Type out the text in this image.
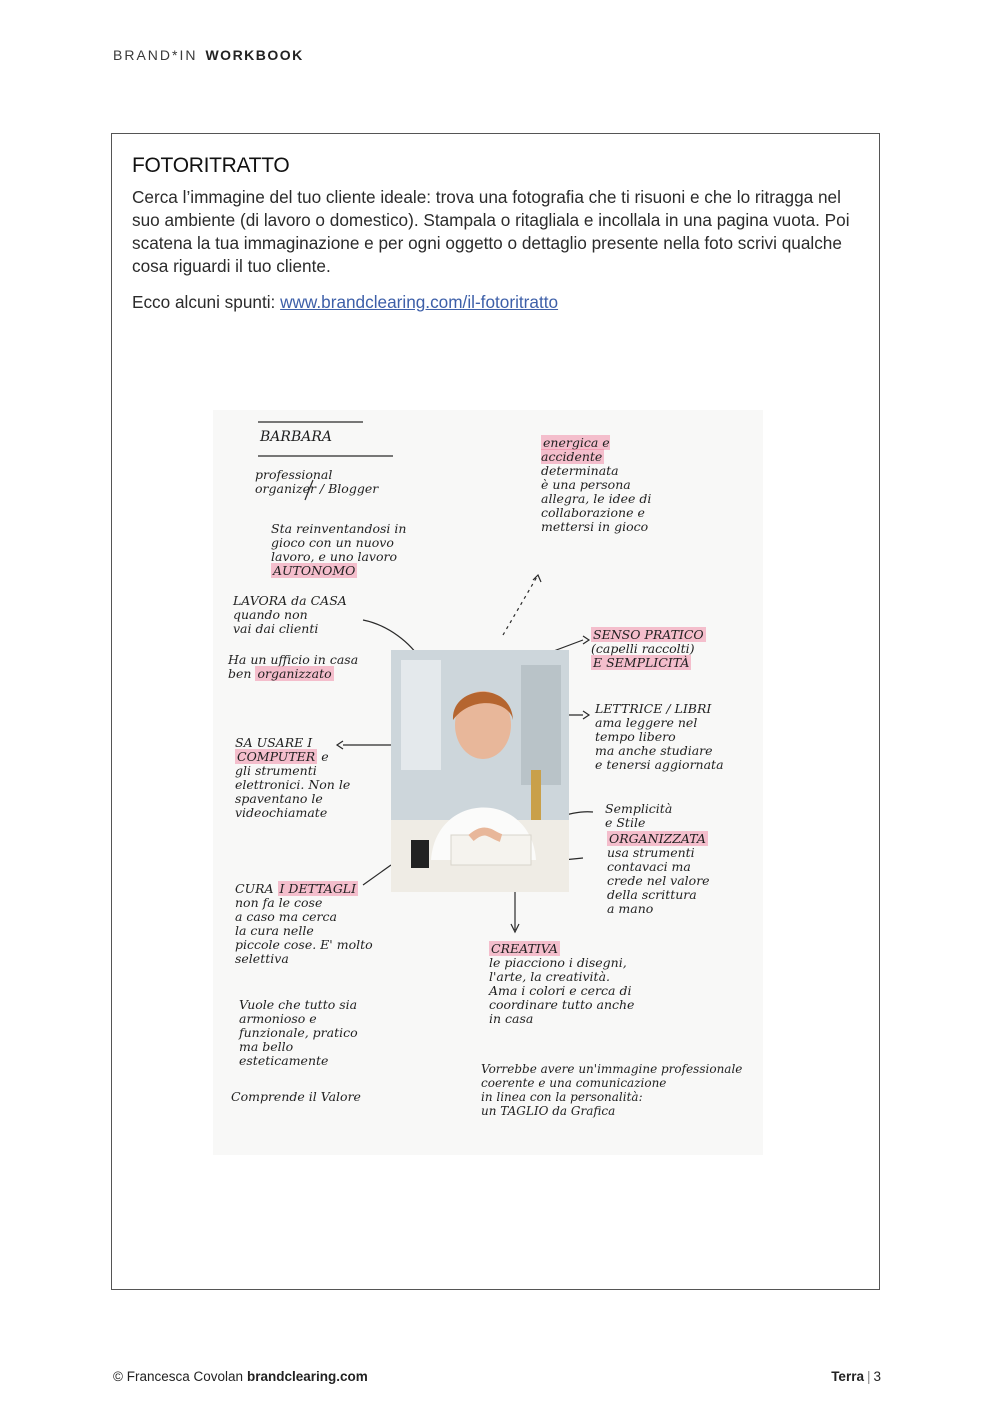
BRAND*IN WORKBOOK
FOTORITRATTO
Cerca l’immagine del tuo cliente ideale: trova una fotografia che ti risuoni e che lo ritragga nel suo ambiente (di lavoro o domestico). Stampala o ritagliala e incollala in una pagina vuota. Poi scatena la tua immaginazione e per ogni oggetto o dettaglio presente nella foto scrivi qualche cosa riguardi il tuo cliente.
Ecco alcuni spunti: www.brandclearing.com/il-fotoritratto
BARBARA
professional
organizer / Blogger
Sta reinventandosi in
gioco con un nuovo
lavoro, e uno lavoro
AUTONOMO
LAVORA da CASA
quando non
vai dai clienti
Ha un ufficio in casa
ben organizzato
SA USARE I
COMPUTER e
gli strumenti
elettronici. Non le
spaventano le
videochiamate
CURA I DETTAGLI
non fa le cose
a caso ma cerca
la cura nelle
piccole cose. E' molto
selettiva
Vuole che tutto sia
armonioso e
funzionale, pratico
ma bello
esteticamente
Comprende il Valore
energica e
accidente
determinata
è una persona
allegra, le idee di
collaborazione e
mettersi in gioco
SENSO PRATICO
(capelli raccolti)
E SEMPLICITÀ
LETTRICE / LIBRI
ama leggere nel
tempo libero
ma anche studiare
e tenersi aggiornata
Semplicità
e Stile
ORGANIZZATA
usa strumenti
contavaci ma
crede nel valore
della scrittura
a mano
CREATIVA
le piacciono i disegni,
l'arte, la creatività.
Ama i colori e cerca di
coordinare tutto anche
in casa
Vorrebbe avere un'immagine professionale
coerente e una comunicazione
in linea con la personalità:
un TAGLIO da Grafica
© Francesca Covolan brandclearing.com	Terra | 3
